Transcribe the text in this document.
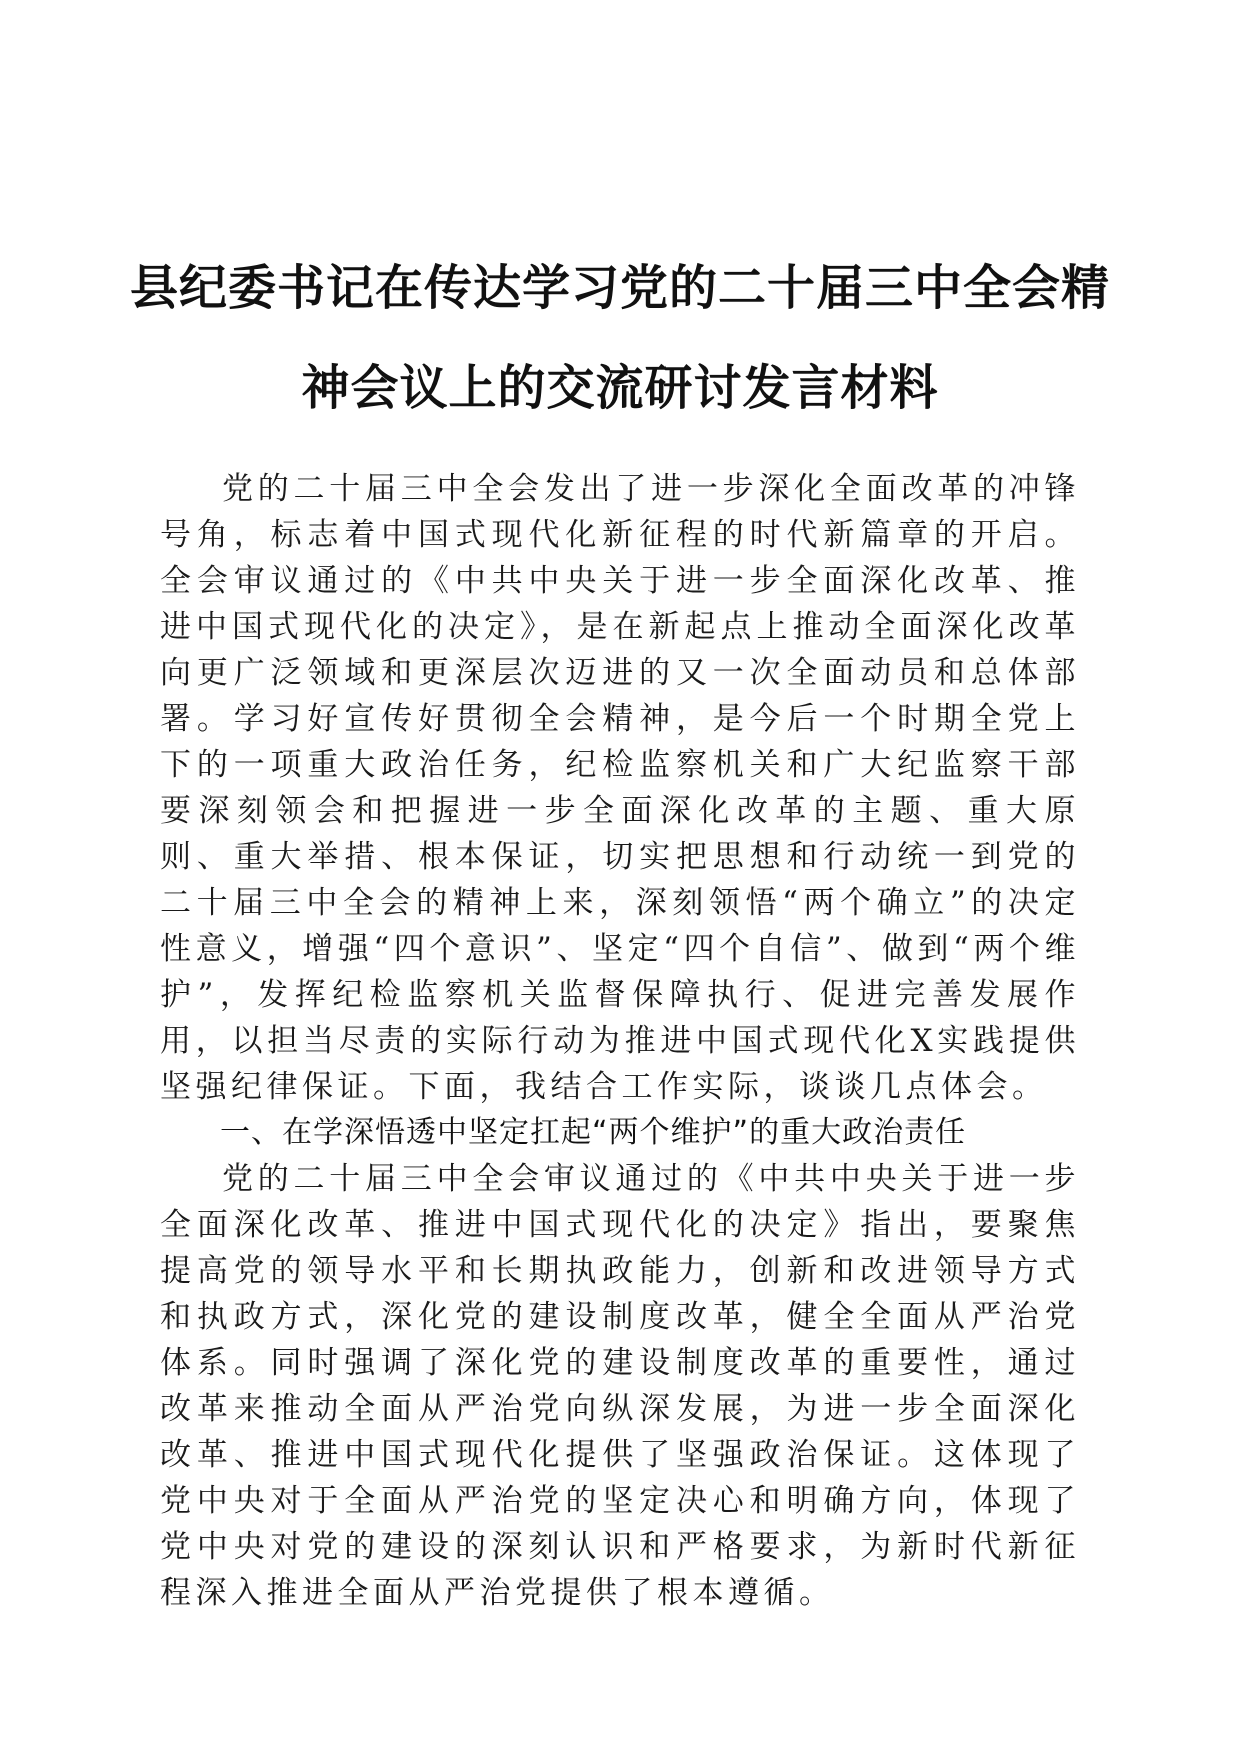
县纪委书记在传达学习党的二十届三中全会精
神会议上的交流研讨发言材料

党的二十届三中全会发出了进一步深化全面改革的冲锋号角，标志着中国式现代化新征程的时代新篇章的开启。全会审议通过的《中共中央关于进一步全面深化改革、推进中国式现代化的决定》，是在新起点上推动全面深化改革向更广泛领域和更深层次迈进的又一次全面动员和总体部署。学习好宣传好贯彻全会精神，是今后一个时期全党上下的一项重大政治任务，纪检监察机关和广大纪监察干部要深刻领会和把握进一步全面深化改革的主题、重大原则、重大举措、根本保证，切实把思想和行动统一到党的二十届三中全会的精神上来，深刻领悟“两个确立”的决定性意义，增强“四个意识”、坚定“四个自信”、做到“两个维护”，发挥纪检监察机关监督保障执行、促进完善发展作用，以担当尽责的实际行动为推进中国式现代化X实践提供坚强纪律保证。下面，我结合工作实际，谈谈几点体会。

一、在学深悟透中坚定扛起“两个维护”的重大政治责任

党的二十届三中全会审议通过的《中共中央关于进一步全面深化改革、推进中国式现代化的决定》指出，要聚焦提高党的领导水平和长期执政能力，创新和改进领导方式和执政方式，深化党的建设制度改革，健全全面从严治党体系。同时强调了深化党的建设制度改革的重要性，通过改革来推动全面从严治党向纵深发展，为进一步全面深化改革、推进中国式现代化提供了坚强政治保证。这体现了党中央对于全面从严治党的坚定决心和明确方向，体现了党中央对党的建设的深刻认识和严格要求，为新时代新征程深入推进全面从严治党提供了根本遵循。
